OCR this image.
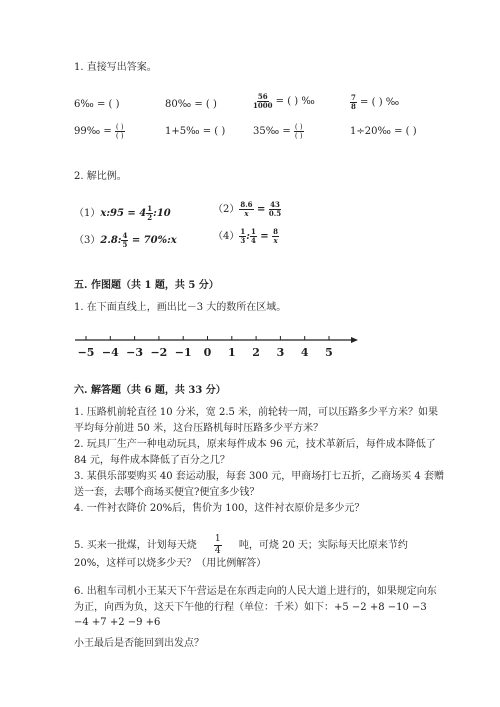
1. 直接写出答案。
6‰ = ( )	80‰ = ( )	$\frac{56}{1000}$ = ( ) ‰	$\frac{7}{8}$ = ( ) ‰
99‰ = $\frac{( )}{( )}$	1+5‰ = ( )	35‰ = $\frac{( )}{( )}$	1÷20‰ = ( )
2. 解比例。
（1）x:95 = $4 \frac{1}{2}$ :10	$(2) \frac{8.6}{x} = \frac{43}{0.5}$
（3）2.8: $\frac{4}{5}$ = 70%:x	$(4) \frac{1}{3}$ : $\frac{1}{4} = \frac{8}{x}$
五. 作图题（共 1 题，共 5 分）
1. 在下面直线上，画出比－3 大的数所在区域。
−5 −4 −3 −2 −1 0 1 2 3 4 5
六. 解答题（共 6 题，共 33 分）
1. 压路机前轮直径 10 分米，宽 2.5 米，前轮转一周，可以压路多少平方米？如果平均每分前进 50 米，这台压路机每时压路多少平方米？
2. 玩具厂生产一种电动玩具，原来每件成本 96 元，技术革新后，每件成本降低了 84 元，每件成本降低了百分之几？
3. 某俱乐部要购买 40 套运动服，每套 300 元，甲商场打七五折，乙商场买 4 套赠送一套，去哪个商场买便宜?便宜多少钱？
4. 一件衬衣降价 20%后，售价为 100，这件衬衣原价是多少元？
5. 买来一批煤，计划每天烧 $\frac{1}{4}$ 吨，可烧 20 天；实际每天比原来节约
20%，这样可以烧多少天？（用比例解答）
6. 出租车司机小王某天下午营运是在东西走向的人民大道上进行的，如果规定向东为正，向西为负，这天下午他的行程（单位：千米）如下：+5 −2 +8 −10 −3 −4 +7 +2 −9 +6
小王最后是否能回到出发点？
